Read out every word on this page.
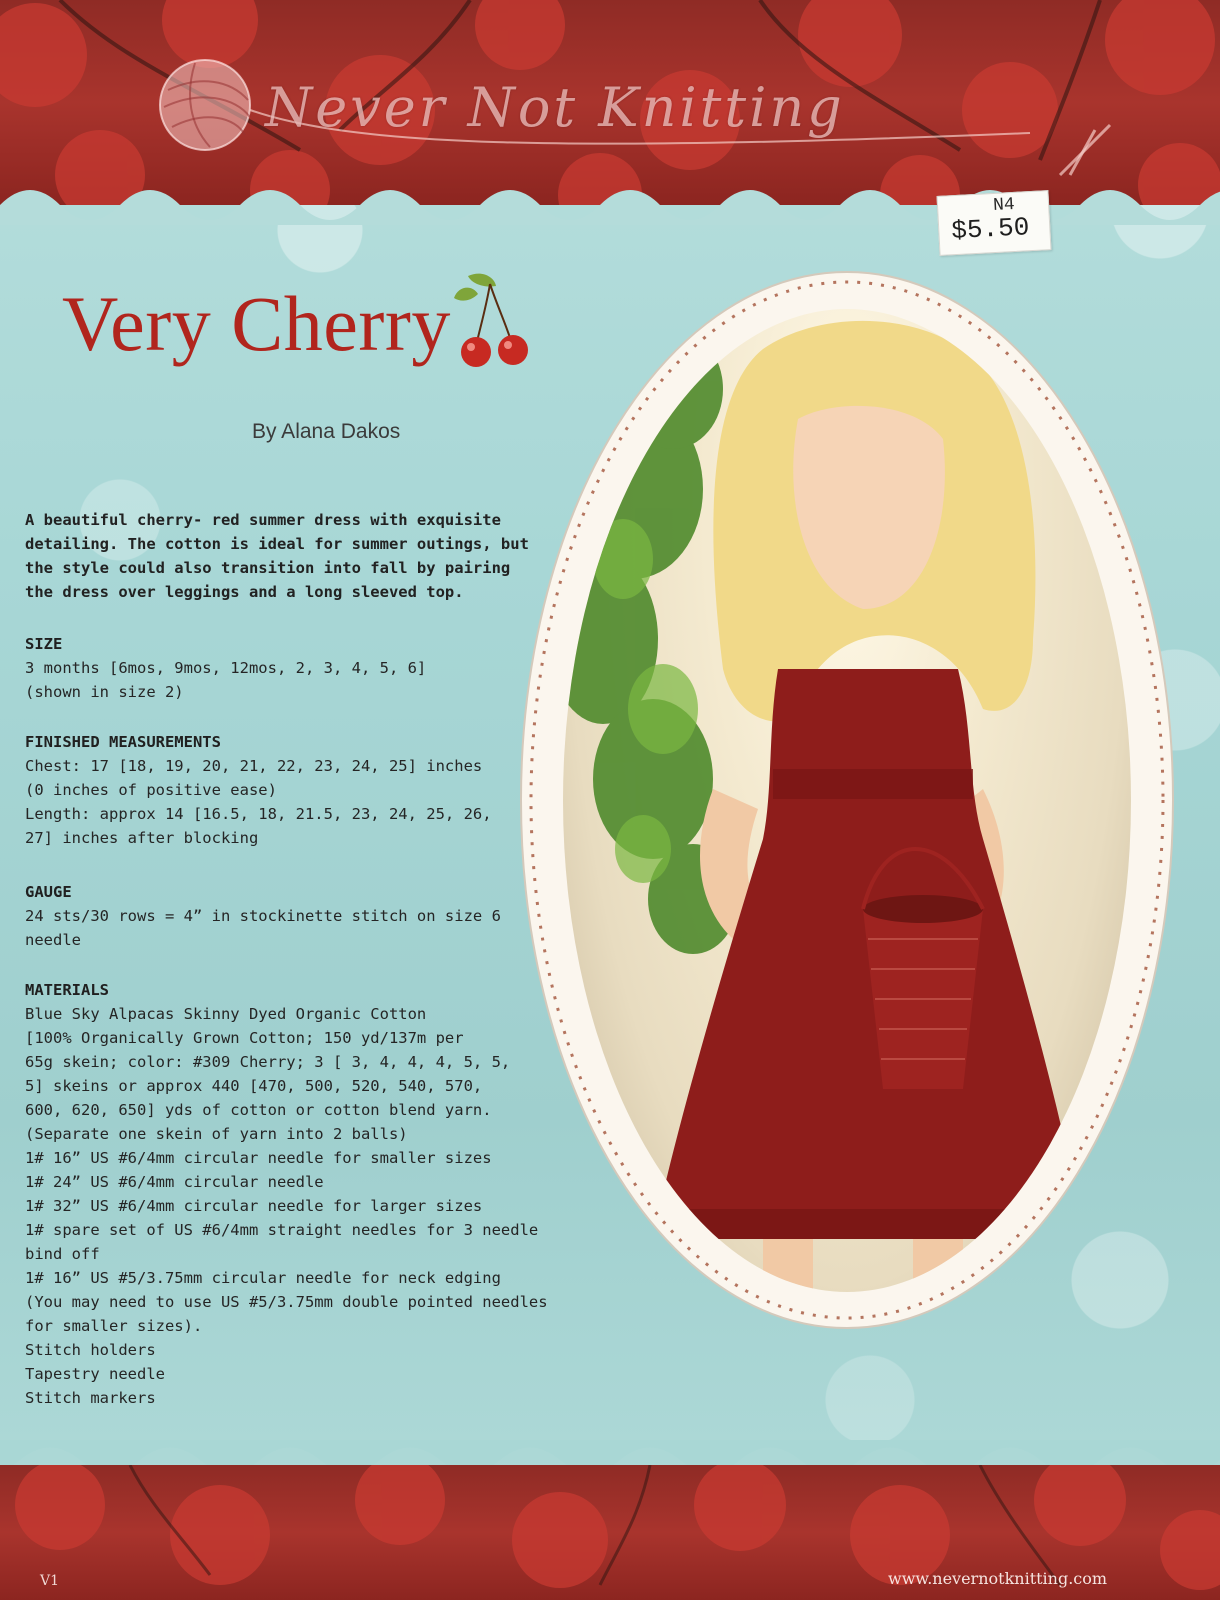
Never Not Knitting
N4
$5.50
Very Cherry
By Alana Dakos
A beautiful cherry- red summer dress with exquisite
detailing. The cotton is ideal for summer outings, but
the style could also transition into fall by pairing
the dress over leggings and a long sleeved top.
SIZE
3 months [6mos, 9mos, 12mos, 2, 3, 4, 5, 6]
(shown in size 2)
FINISHED MEASUREMENTS
Chest: 17 [18, 19, 20, 21, 22, 23, 24, 25] inches
(0 inches of positive ease)
Length: approx 14 [16.5, 18, 21.5, 23, 24, 25, 26,
27] inches after blocking
GAUGE
24 sts/30 rows = 4” in stockinette stitch on size 6
needle
MATERIALS
Blue Sky Alpacas Skinny Dyed Organic Cotton
[100% Organically Grown Cotton; 150 yd/137m per
65g skein; color: #309 Cherry; 3 [ 3, 4, 4, 4, 5, 5,
5] skeins or approx 440 [470, 500, 520, 540, 570,
600, 620, 650] yds of cotton or cotton blend yarn.
(Separate one skein of yarn into 2 balls)
1# 16” US #6/4mm circular needle for smaller sizes
1# 24” US #6/4mm circular needle
1# 32” US #6/4mm circular needle for larger sizes
1# spare set of US #6/4mm straight needles for 3 needle
bind off
1# 16” US #5/3.75mm circular needle for neck edging
(You may need to use US #5/3.75mm double pointed needles
for smaller sizes).
Stitch holders
Tapestry needle
Stitch markers
V1	www.nevernotknitting.com
